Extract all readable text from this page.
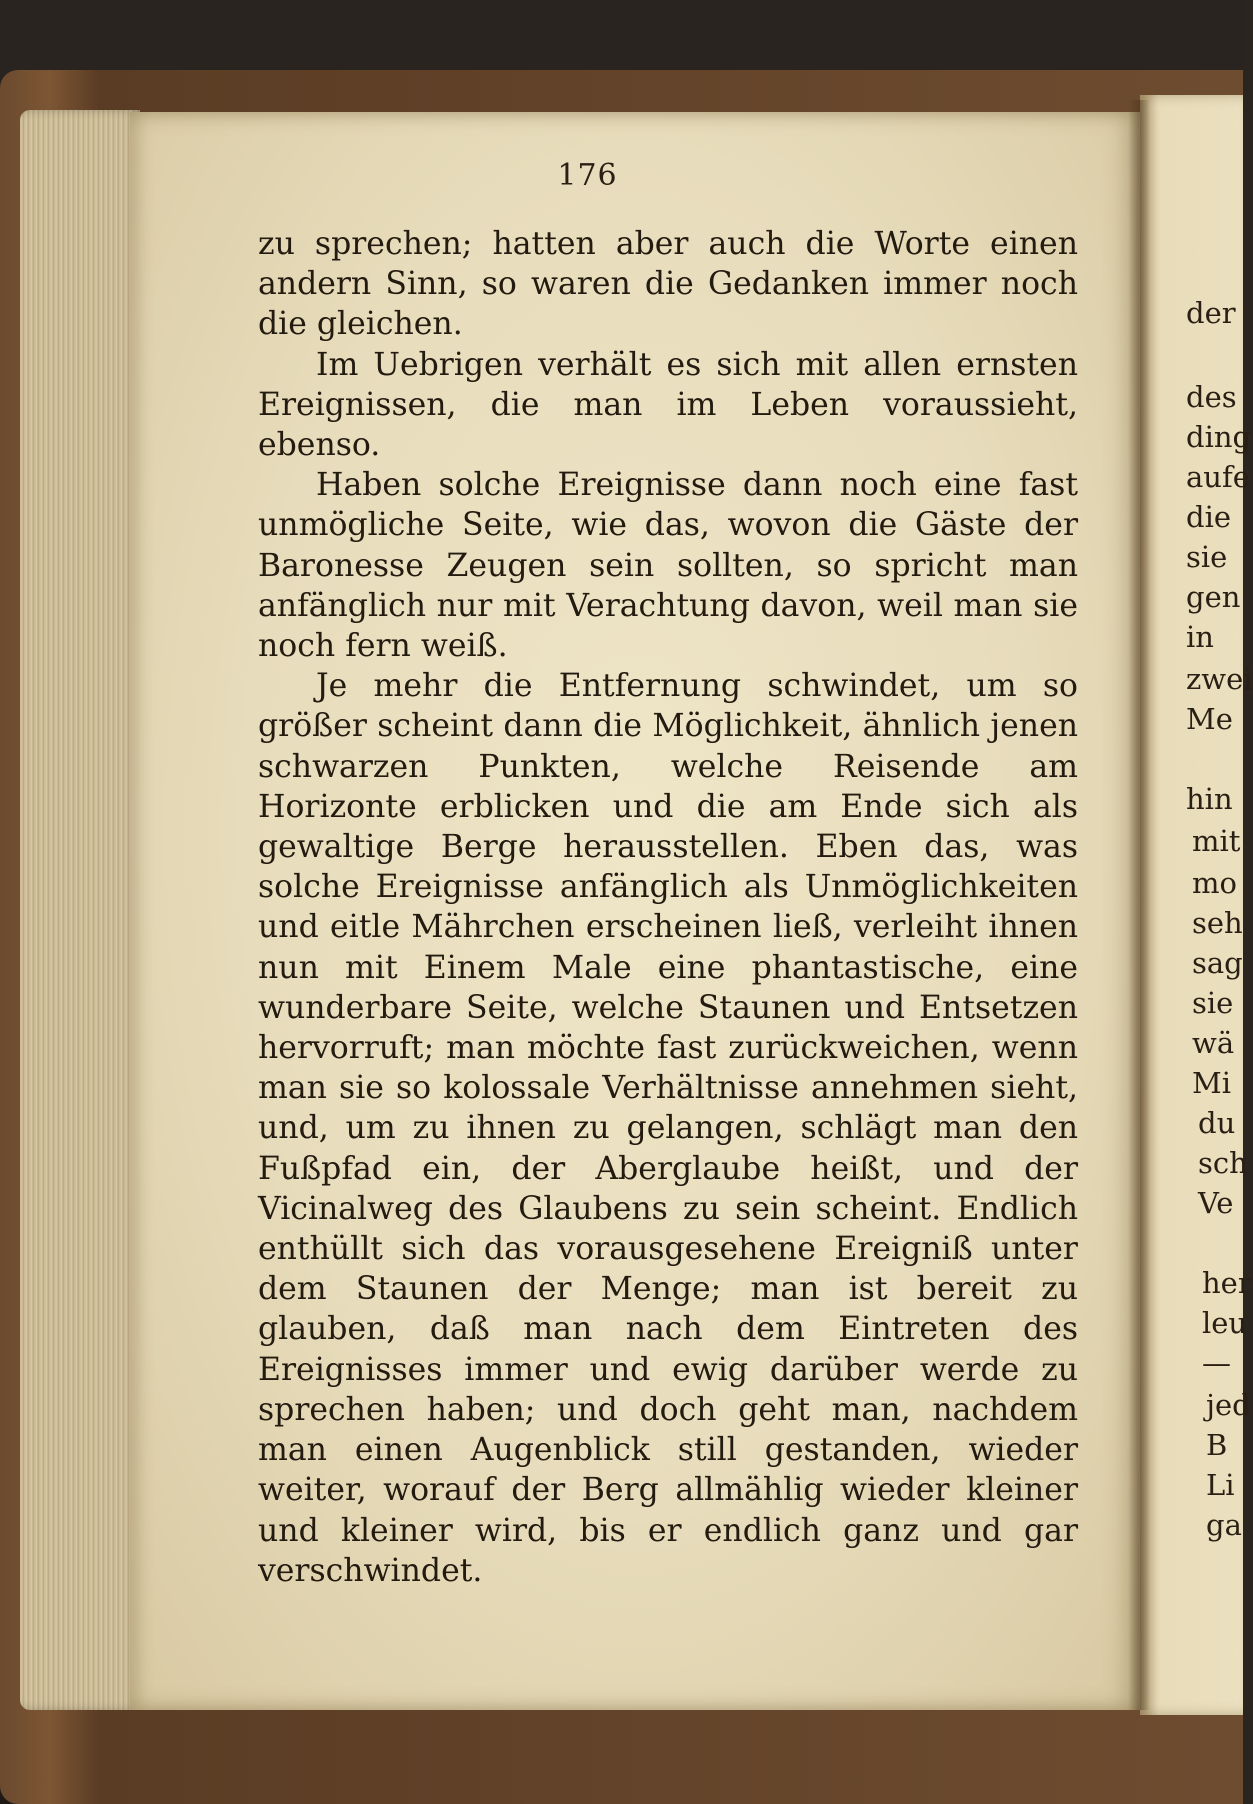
176

zu sprechen; hatten aber auch die Worte einen andern Sinn, so waren die Gedanken immer noch die gleichen.

Im Uebrigen verhält es sich mit allen ernsten Ereignissen, die man im Leben voraussieht, ebenso.

Haben solche Ereignisse dann noch eine fast unmögliche Seite, wie das, wovon die Gäste der Baronesse Zeugen sein sollten, so spricht man anfänglich nur mit Verachtung davon, weil man sie noch fern weiß.

Je mehr die Entfernung schwindet, um so größer scheint dann die Möglichkeit, ähnlich jenen schwarzen Punkten, welche Reisende am Horizonte erblicken und die am Ende sich als gewaltige Berge herausstellen. Eben das, was solche Ereignisse anfänglich als Unmöglichkeiten und eitle Mährchen erscheinen ließ, verleiht ihnen nun mit Einem Male eine phantastische, eine wunderbare Seite, welche Staunen und Entsetzen hervorruft; man möchte fast zurückweichen, wenn man sie so kolossale Verhältnisse annehmen sieht, und, um zu ihnen zu gelangen, schlägt man den Fußpfad ein, der Aberglaube heißt, und der Vicinalweg des Glaubens zu sein scheint. Endlich enthüllt sich das vorausgesehene Ereigniß unter dem Staunen der Menge; man ist bereit zu glauben, daß man nach dem Eintreten des Ereignisses immer und ewig darüber werde zu sprechen haben; und doch geht man, nachdem man einen Augenblick still gestanden, wieder weiter, worauf der Berg allmählig wieder kleiner und kleiner wird, bis er endlich ganz und gar verschwindet.

der
des
ding
aufe
die
sie
gen
in
zwei
Me
hin
mit
mo
seh
sag
sie
wä
Mi
du
sch
Ve
her
leu
—
jed
B
Li
ga
